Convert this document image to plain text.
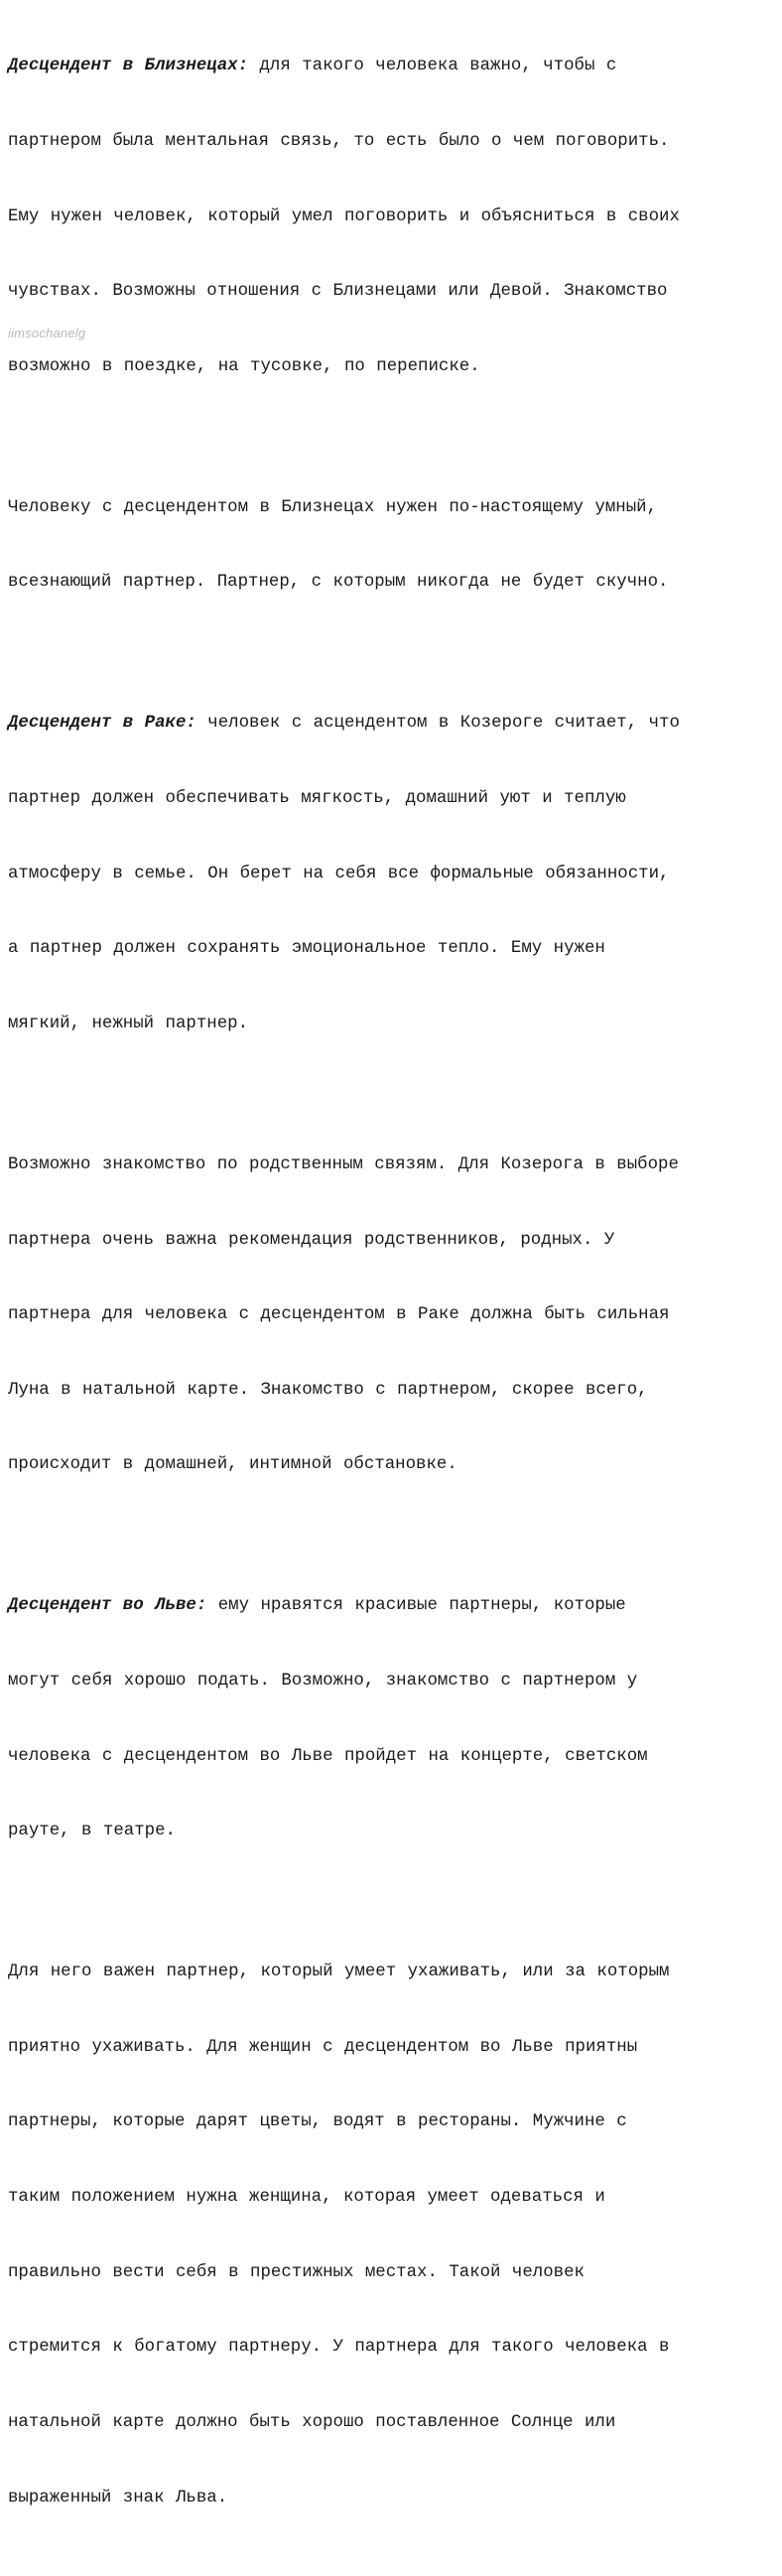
Десцендент в Близнецах: для такого человека важно, чтобы с

партнером была ментальная связь, то есть было о чем поговорить.

Ему нужен человек, который умел поговорить и объясниться в своих

чувствах. Возможны отношения с Близнецами или Девой. Знакомство

возможно в поездке, на тусовке, по переписке.

Человеку с десцендентом в Близнецах нужен по-настоящему умный,

всезнающий партнер. Партнер, с которым никогда не будет скучно.

Десцендент в Раке: человек с асцендентом в Козероге считает, что

партнер должен обеспечивать мягкость, домашний уют и теплую

атмосферу в семье. Он берет на себя все формальные обязанности,

а партнер должен сохранять эмоциональное тепло. Ему нужен

мягкий, нежный партнер.

Возможно знакомство по родственным связям. Для Козерога в выборе

партнера очень важна рекомендация родственников, родных. У

партнера для человека с десцендентом в Раке должна быть сильная

Луна в натальной карте. Знакомство с партнером, скорее всего,

происходит в домашней, интимной обстановке.

Десцендент во Льве: ему нравятся красивые партнеры, которые

могут себя хорошо подать. Возможно, знакомство с партнером у

человека с десцендентом во Льве пройдет на концерте, светском

рауте, в театре.

Для него важен партнер, который умеет ухаживать, или за которым

приятно ухаживать. Для женщин с десцендентом во Льве приятны

партнеры, которые дарят цветы, водят в рестораны. Мужчине с

таким положением нужна женщина, которая умеет одеваться и

правильно вести себя в престижных местах. Такой человек

стремится к богатому партнеру. У партнера для такого человека в

натальной карте должно быть хорошо поставленное Солнце или

выраженный знак Льва.

iimsochanelg
